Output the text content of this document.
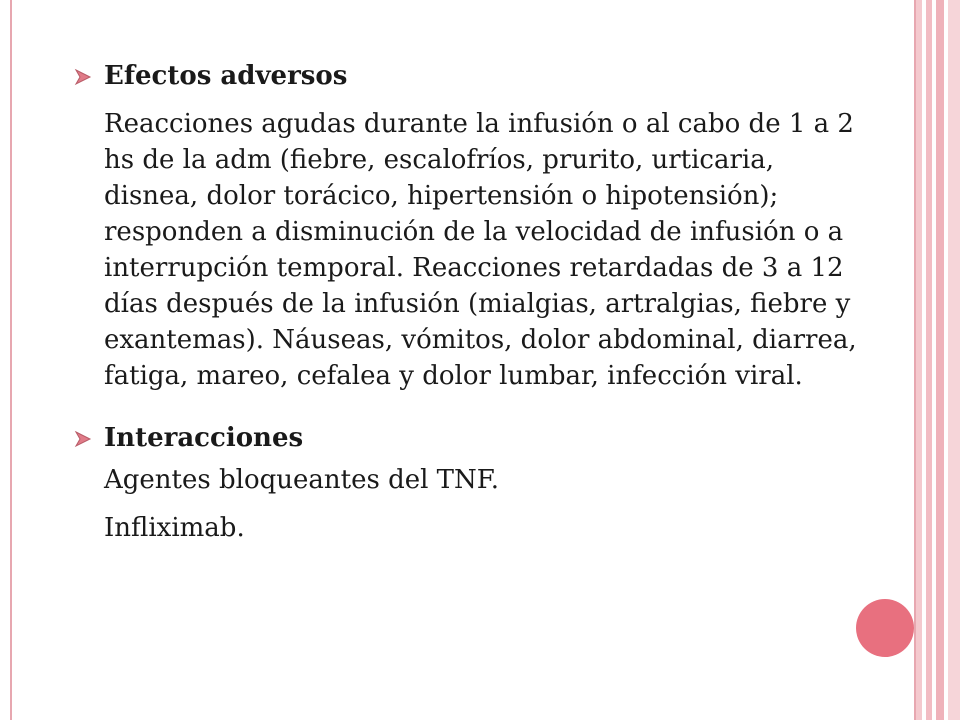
Efectos adversos
Reacciones agudas durante la infusión o al cabo de 1 a 2 hs de la adm (fiebre, escalofríos, prurito, urticaria, disnea, dolor torácico, hipertensión o hipotensión); responden a disminución de la velocidad de infusión o a interrupción temporal. Reacciones retardadas de 3 a 12 días después de la infusión (mialgias, artralgias, fiebre y exantemas). Náuseas, vómitos, dolor abdominal, diarrea, fatiga, mareo, cefalea y dolor lumbar, infección viral.
Interacciones
Agentes bloqueantes del TNF.
Infliximab.
